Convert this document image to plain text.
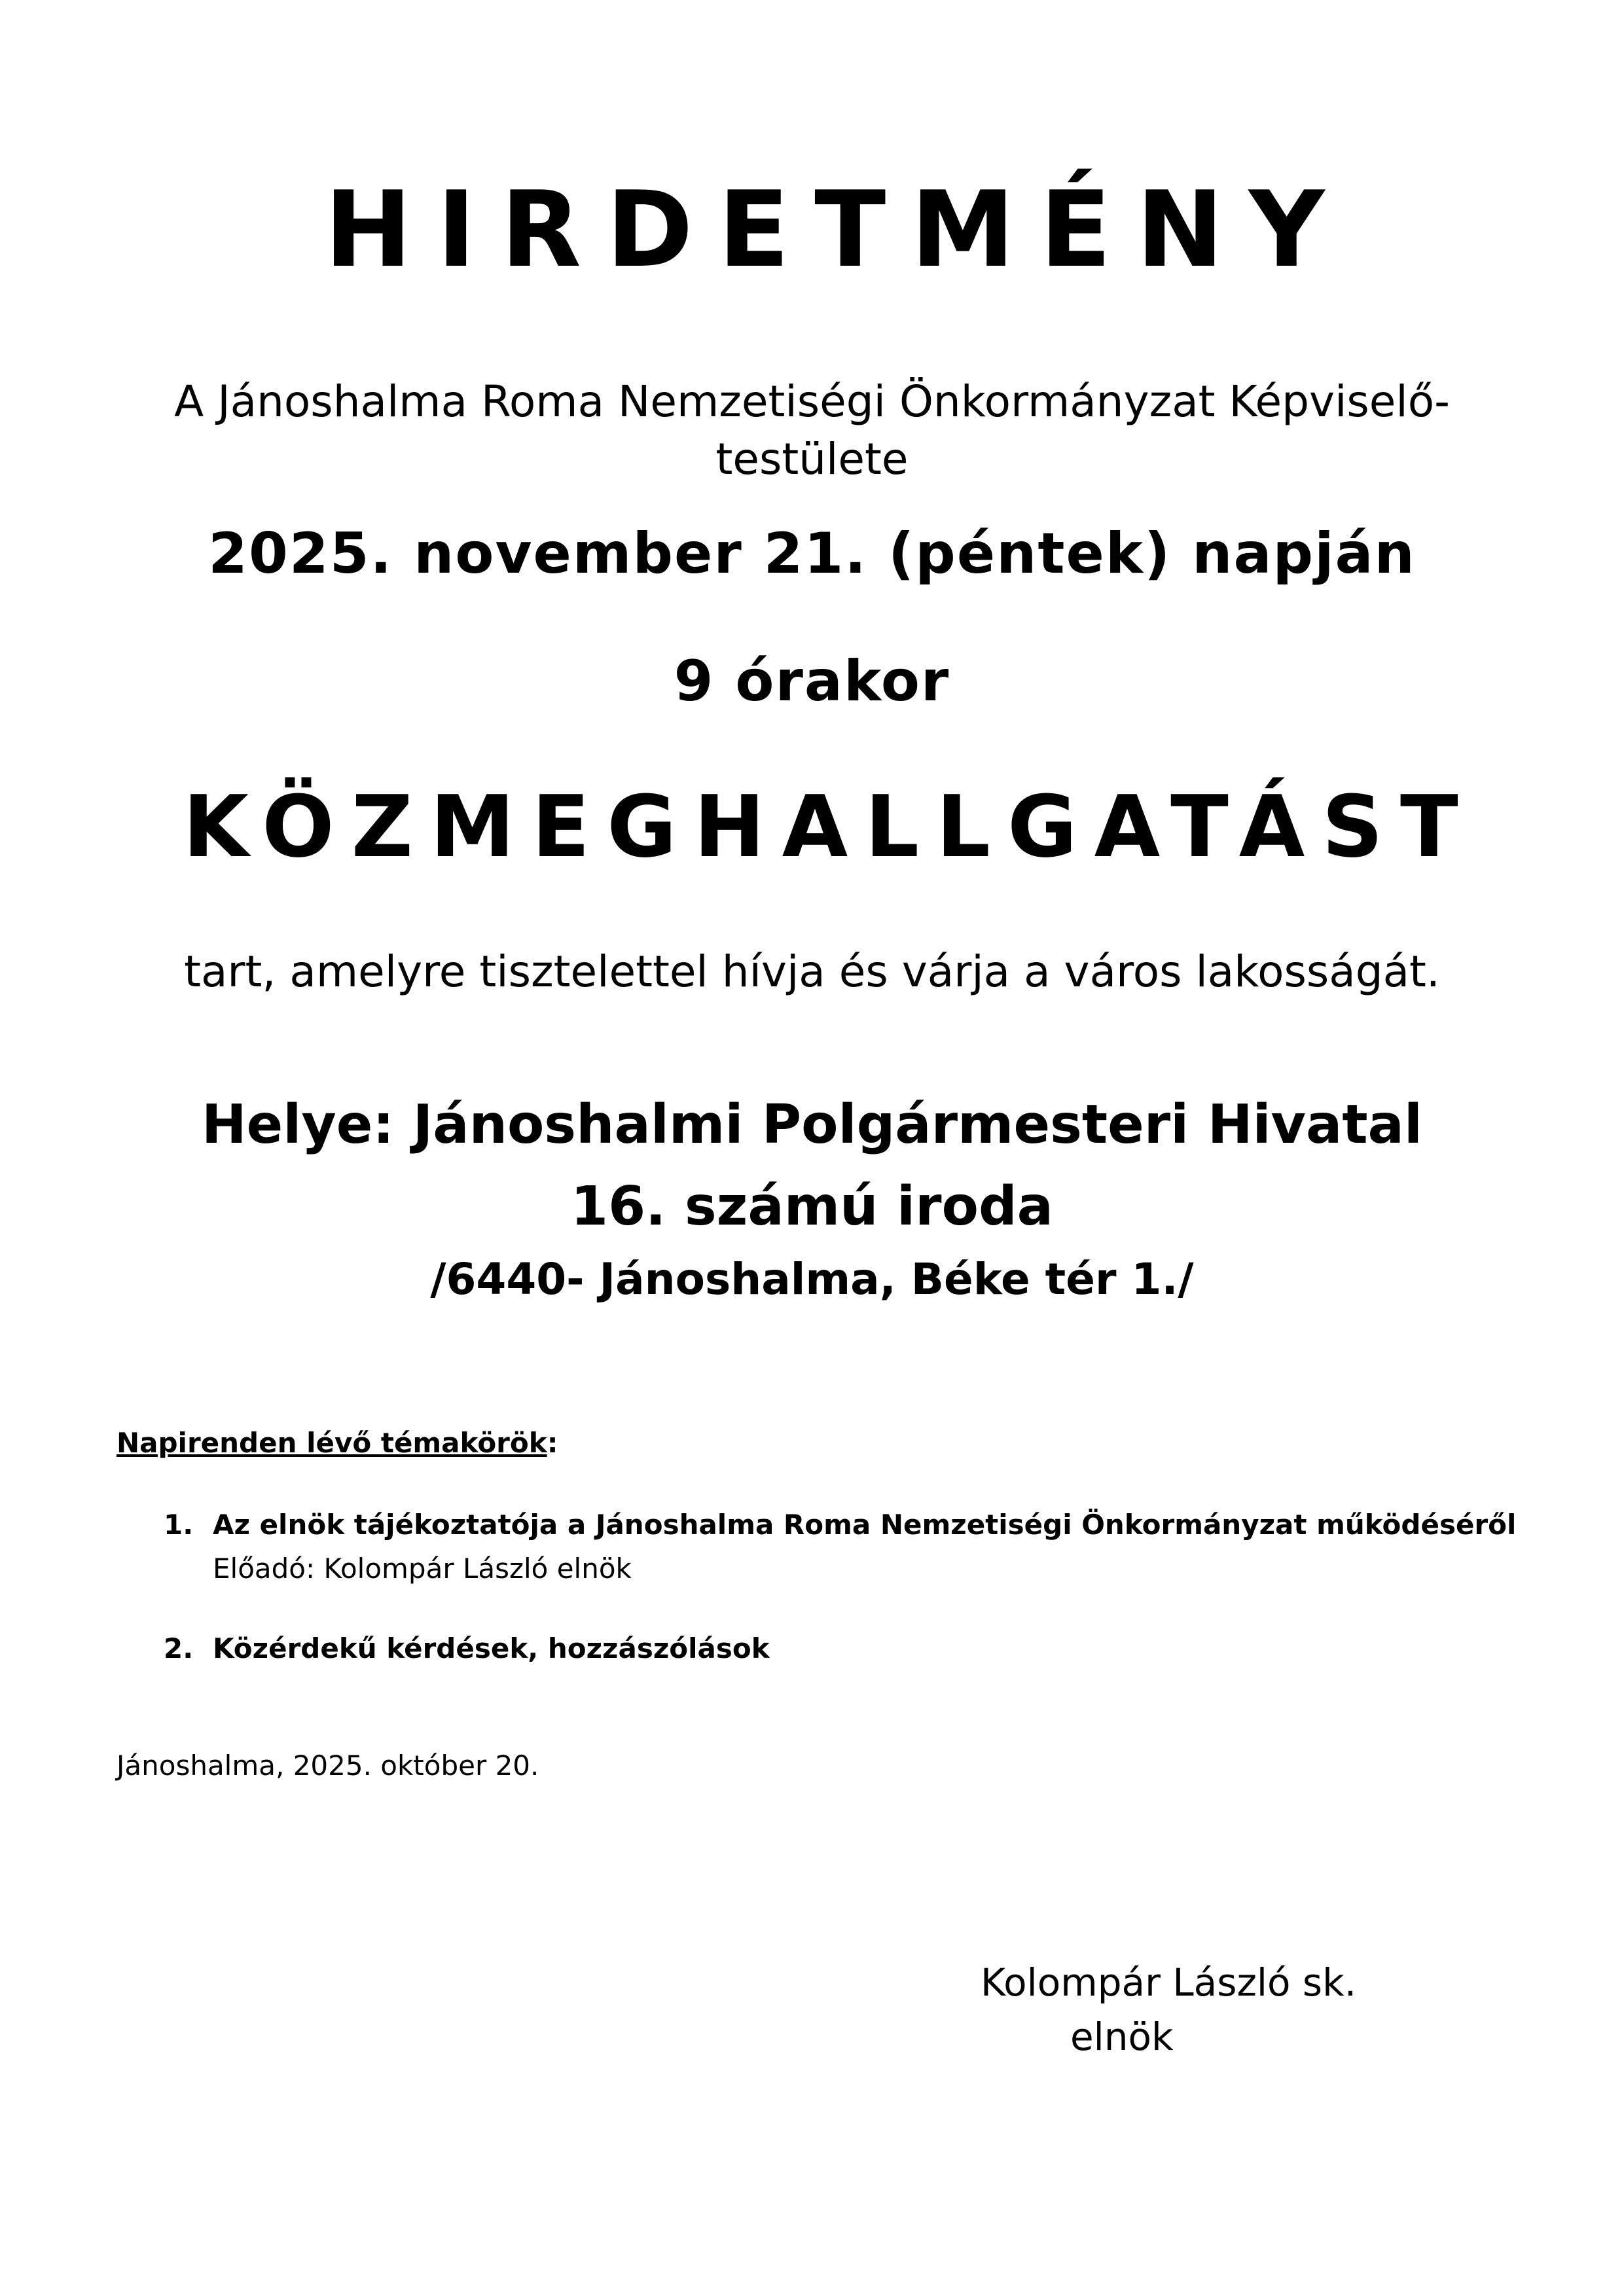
HIRDETMÉNY
A Jánoshalma Roma Nemzetiségi Önkormányzat Képviselő-testülete
2025. november 21. (péntek) napján
9 órakor
KÖZMEGHALLGATÁST
tart, amelyre tisztelettel hívja és várja a város lakosságát.
Helye: Jánoshalmi Polgármesteri Hivatal
16. számú iroda
/6440- Jánoshalma, Béke tér 1./
Napirenden lévő témakörök:
1. Az elnök tájékoztatója a Jánoshalma Roma Nemzetiségi Önkormányzat működéséről
Előadó: Kolompár László elnök
2. Közérdekű kérdések, hozzászólások
Jánoshalma, 2025. október 20.
Kolompár László sk.
elnök
